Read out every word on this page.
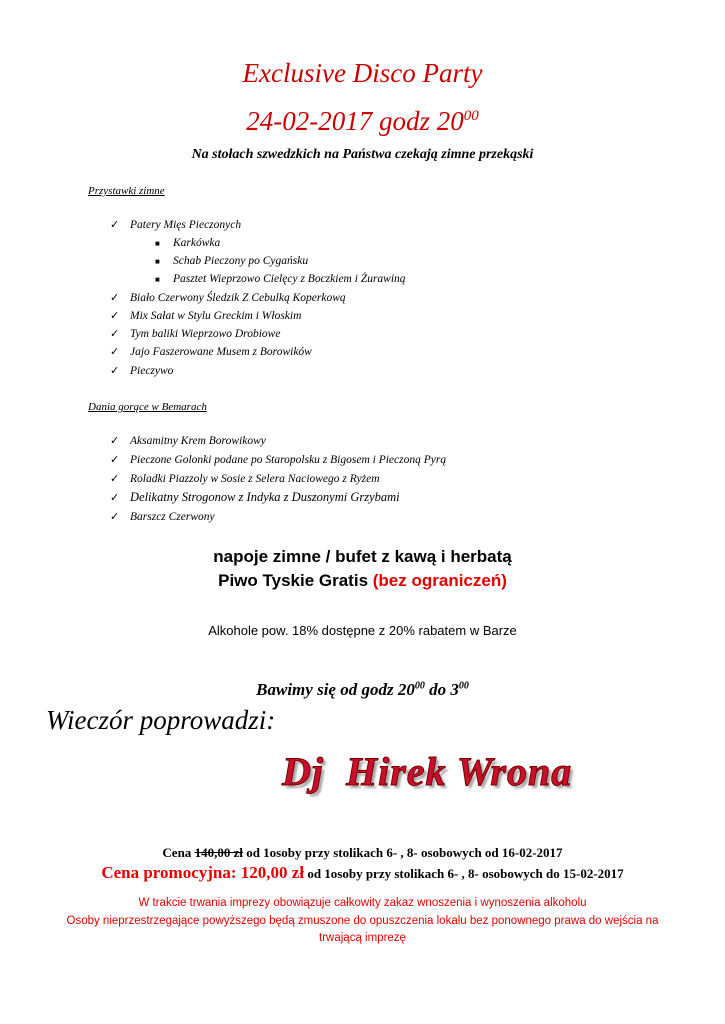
Exclusive Disco Party
24-02-2017 godz $20^{00}$
Na stołach szwedzkich na Państwa czekają zimne przekąski
Przystawki zimne
✓ Patery Mięs Pieczonych
■	Karkówka
■	Schab Pieczony po Cygańsku
■	Pasztet Wieprzowo Cielęcy z Boczkiem i Żurawiną
✓ Biało Czerwony Śledzik Z Cebulką Koperkową
✓ Mix Sałat w Stylu Greckim i Włoskim
✓ Tym baliki Wieprzowo Drobiowe
✓ Jajo Faszerowane Musem z Borowików
✓ Pieczywo
Dania gorące w Bemarach
✓ Aksamitny Krem Borowikowy
✓ Pieczone Golonki podane po Staropolsku z Bigosem i Pieczoną Pyrą
✓ Roladki Piazzoly w Sosie z Selera Naciowego z Ryżem
✓ Delikatny Strogonow z Indyka z Duszonymi Grzybami
✓ Barszcz Czerwony
napoje zimne / bufet z kawą i herbatą
Piwo Tyskie Gratis (bez ograniczeń)
Alkohole pow. 18% dostępne z 20% rabatem w Barze
Bawimy się od godz $20^{00}$ do $3^{00}$
Wieczór poprowadzi:
Dj  Hirek Wrona
Cena 140,00 zł od 1osoby przy stolikach 6- , 8- osobowych od 16-02-2017
Cena promocyjna: 120,00 zł od 1osoby przy stolikach 6- , 8- osobowych do 15-02-2017
W trakcie trwania imprezy obowiązuje całkowity zakaz wnoszenia i wynoszenia alkoholu
Osoby nieprzestrzegające powyższego będą zmuszone do opuszczenia lokalu bez ponownego prawa do wejścia na
trwającą imprezę
